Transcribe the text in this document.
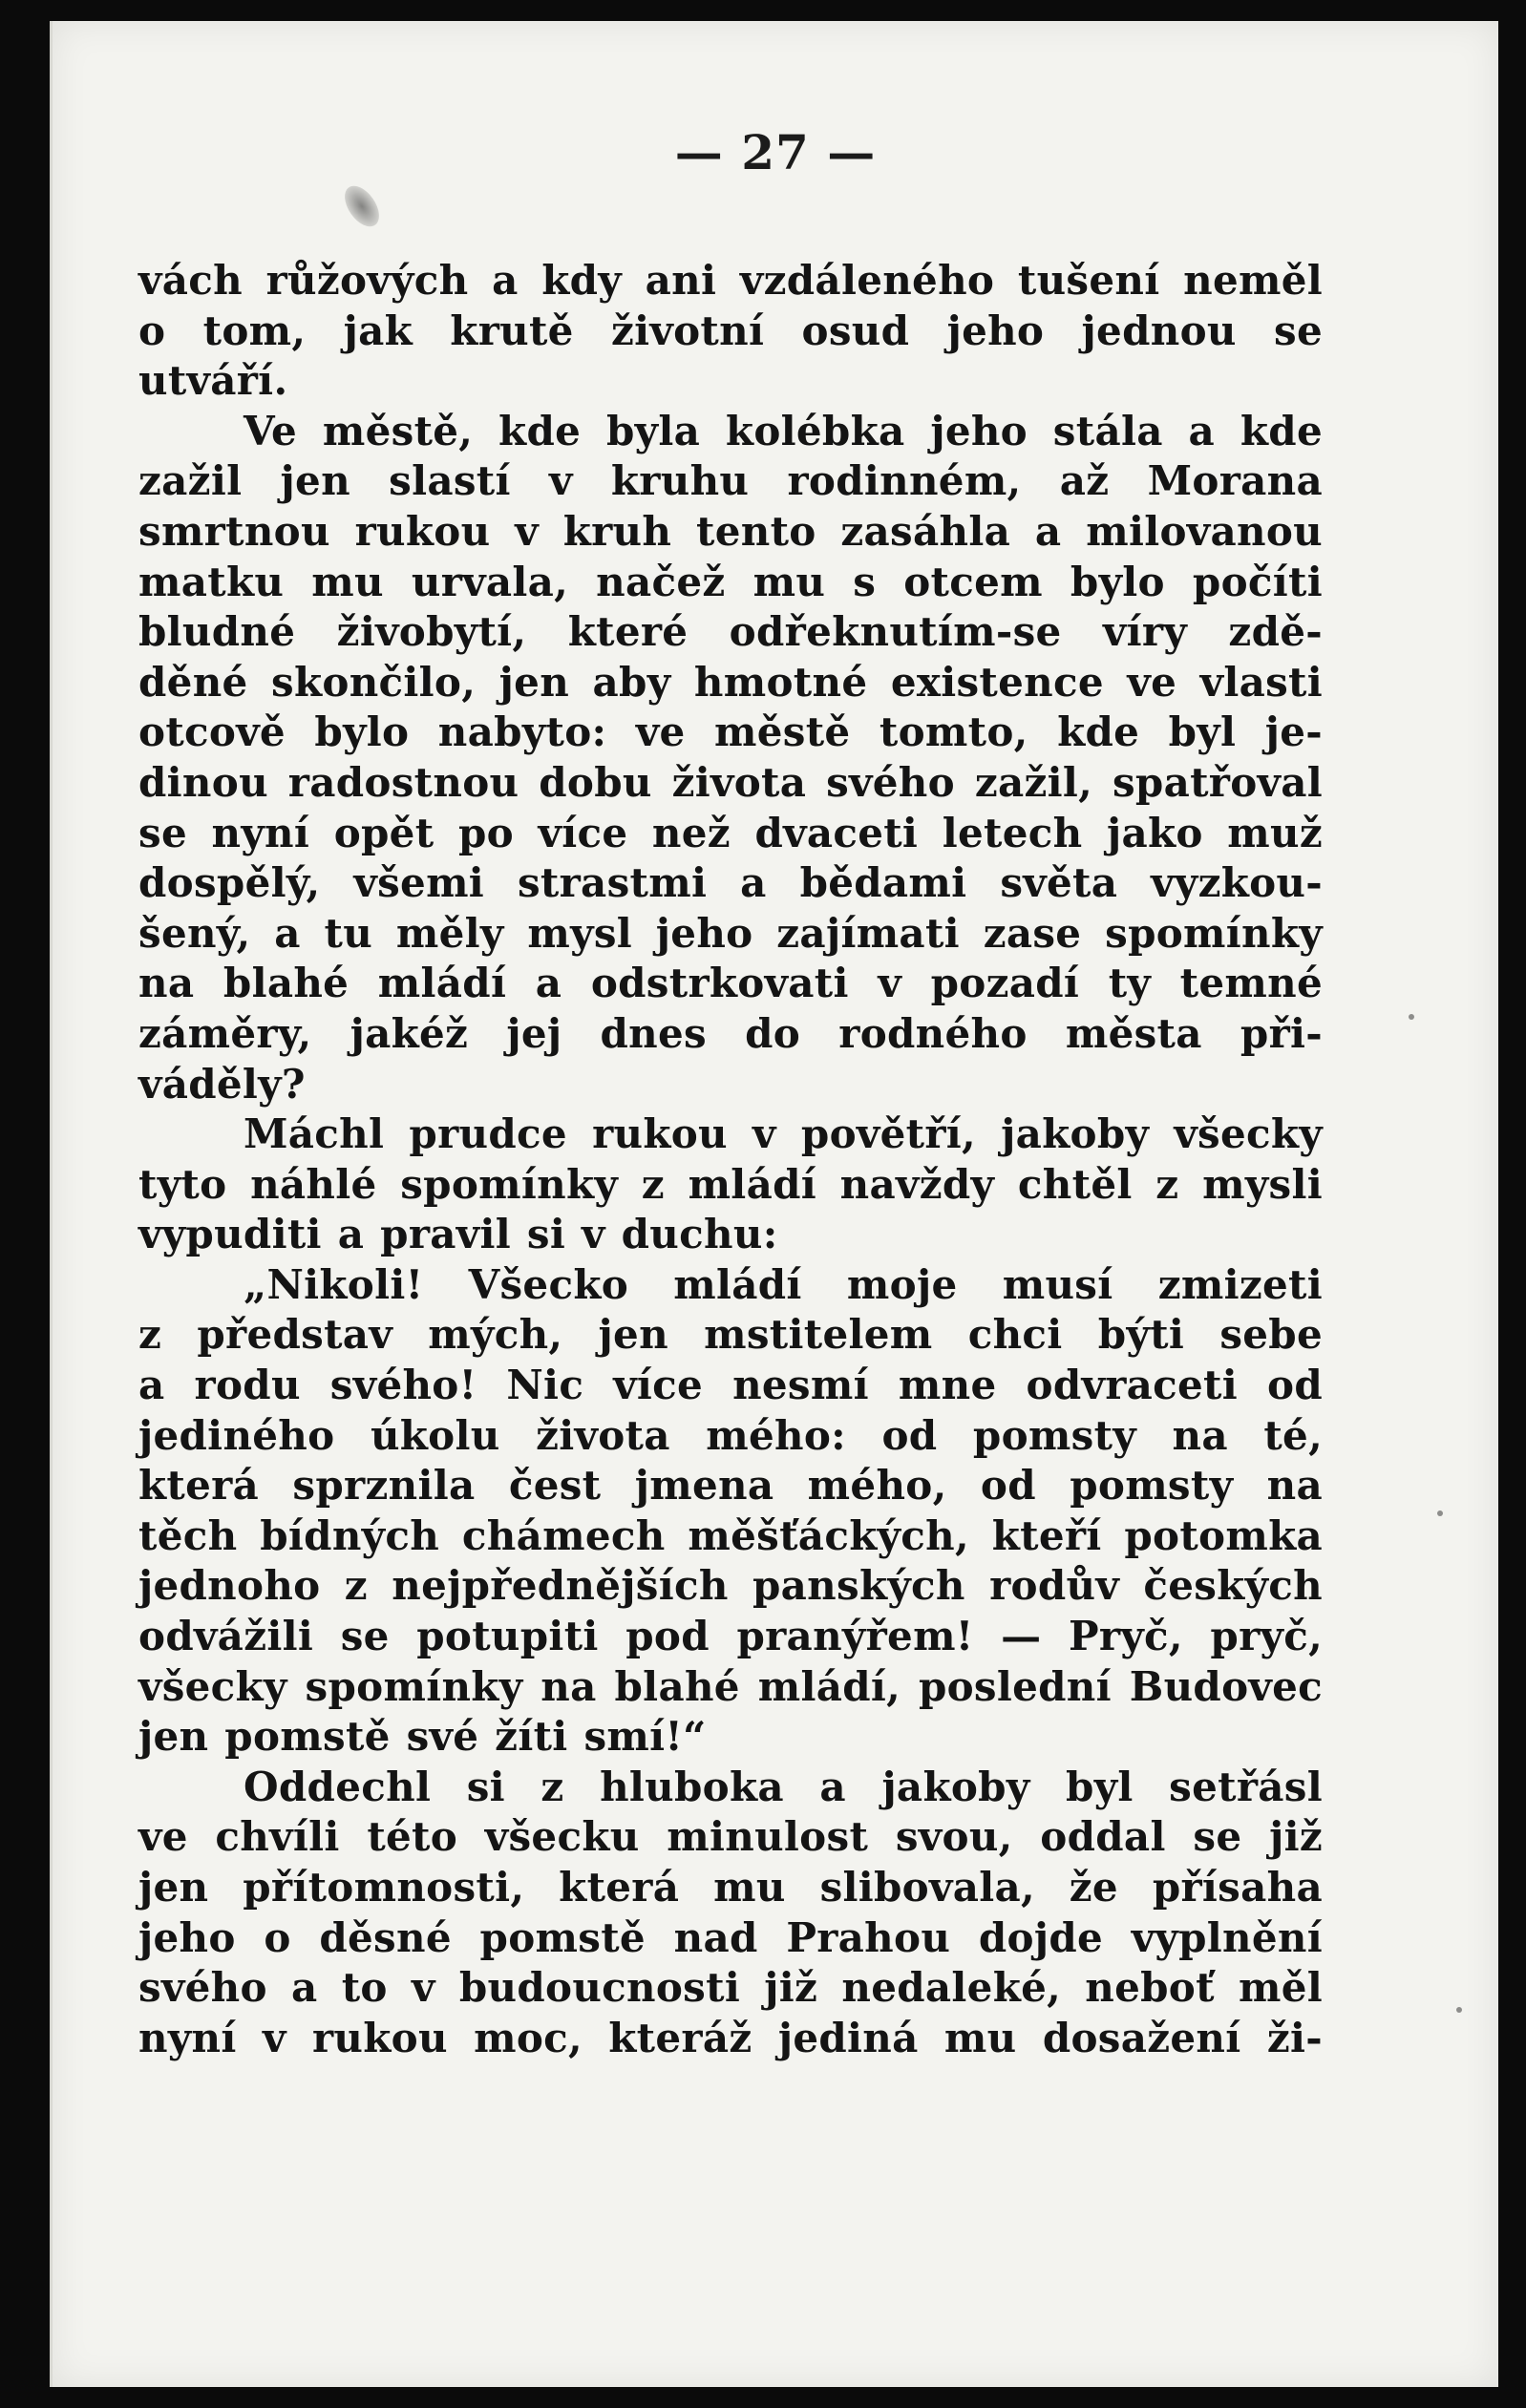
— 27 —
vách růžových a kdy ani vzdáleného tušení neměl
o tom, jak krutě životní osud jeho jednou se
utváří.
Ve městě, kde byla kolébka jeho stála a kde
zažil jen slastí v kruhu rodinném, až Morana
smrtnou rukou v kruh tento zasáhla a milovanou
matku mu urvala, načež mu s otcem bylo počíti
bludné živobytí, které odřeknutím-se víry zdě-
děné skončilo, jen aby hmotné existence ve vlasti
otcově bylo nabyto: ve městě tomto, kde byl je-
dinou radostnou dobu života svého zažil, spatřoval
se nyní opět po více než dvaceti letech jako muž
dospělý, všemi strastmi a bědami světa vyzkou-
šený, a tu měly mysl jeho zajímati zase spomínky
na blahé mládí a odstrkovati v pozadí ty temné
záměry, jakéž jej dnes do rodného města při-
váděly?
Máchl prudce rukou v povětří, jakoby všecky
tyto náhlé spomínky z mládí navždy chtěl z mysli
vypuditi a pravil si v duchu:
„Nikoli! Všecko mládí moje musí zmizeti
z představ mých, jen mstitelem chci býti sebe
a rodu svého! Nic více nesmí mne odvraceti od
jediného úkolu života mého: od pomsty na té,
která sprznila čest jmena mého, od pomsty na
těch bídných chámech měšťáckých, kteří potomka
jednoho z nejpřednějších panských rodův českých
odvážili se potupiti pod pranýřem! — Pryč, pryč,
všecky spomínky na blahé mládí, poslední Budovec
jen pomstě své žíti smí!“
Oddechl si z hluboka a jakoby byl setřásl
ve chvíli této všecku minulost svou, oddal se již
jen přítomnosti, která mu slibovala, že přísaha
jeho o děsné pomstě nad Prahou dojde vyplnění
svého a to v budoucnosti již nedaleké, neboť měl
nyní v rukou moc, kteráž jediná mu dosažení ži-
